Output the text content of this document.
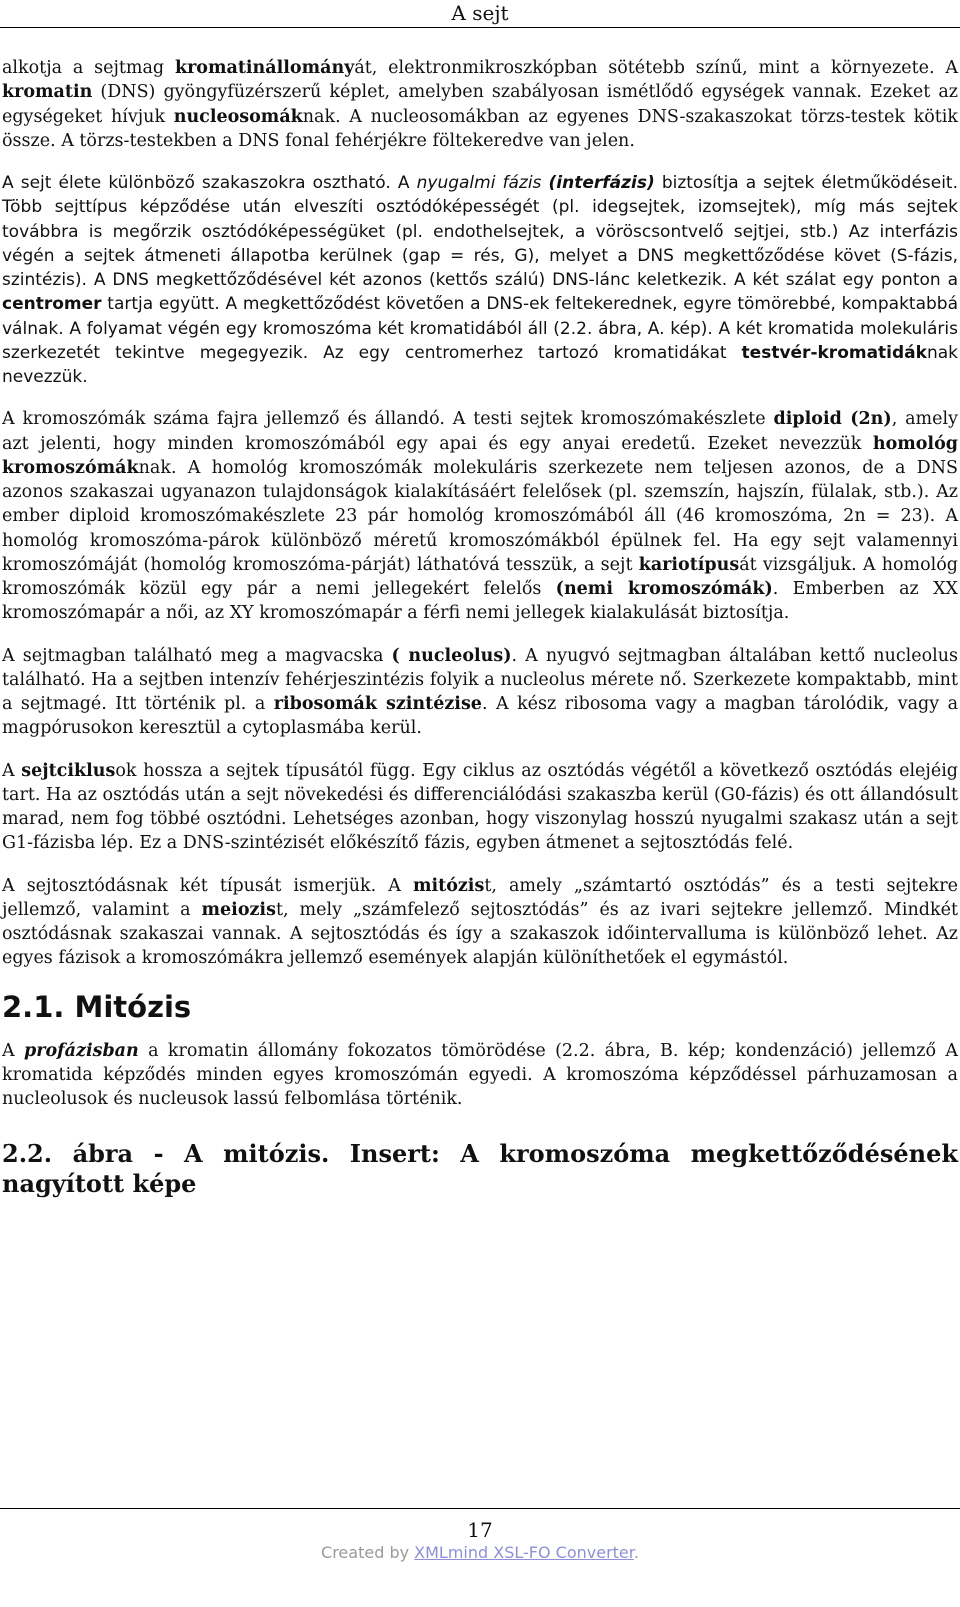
A sejt

alkotja a sejtmag kromatinállományát, elektronmikroszkópban sötétebb színű, mint a környezete. A kromatin (DNS) gyöngyfüzérszerű képlet, amelyben szabályosan ismétlődő egységek vannak. Ezeket az egységeket hívjuk nucleosomáknak. A nucleosomákban az egyenes DNS-szakaszokat törzs-testek kötik össze. A törzs-testekben a DNS fonal fehérjékre föltekeredve van jelen.

A sejt élete különböző szakaszokra osztható. A nyugalmi fázis (interfázis) biztosítja a sejtek életműködéseit. Több sejttípus képződése után elveszíti osztódóképességét (pl. idegsejtek, izomsejtek), míg más sejtek továbbra is megőrzik osztódóképességüket (pl. endothelsejtek, a vöröscsontvelő sejtjei, stb.) Az interfázis végén a sejtek átmeneti állapotba kerülnek (gap = rés, G), melyet a DNS megkettőződése követ (S-fázis, szintézis). A DNS megkettőződésével két azonos (kettős szálú) DNS-lánc keletkezik. A két szálat egy ponton a centromer tartja együtt. A megkettőződést követően a DNS-ek feltekerednek, egyre tömörebbé, kompaktabbá válnak. A folyamat végén egy kromoszóma két kromatidából áll (2.2. ábra, A. kép). A két kromatida molekuláris szerkezetét tekintve megegyezik. Az egy centromerhez tartozó kromatidákat testvér-kromatidáknak nevezzük.

A kromoszómák száma fajra jellemző és állandó. A testi sejtek kromoszómakészlete diploid (2n), amely azt jelenti, hogy minden kromoszómából egy apai és egy anyai eredetű. Ezeket nevezzük homológ kromoszómáknak. A homológ kromoszómák molekuláris szerkezete nem teljesen azonos, de a DNS azonos szakaszai ugyanazon tulajdonságok kialakításáért felelősek (pl. szemszín, hajszín, fülalak, stb.). Az ember diploid kromoszómakészlete 23 pár homológ kromoszómából áll (46 kromoszóma, 2n = 23). A homológ kromoszóma-párok különböző méretű kromoszómákból épülnek fel. Ha egy sejt valamennyi kromoszómáját (homológ kromoszóma-párját) láthatóvá tesszük, a sejt kariotípusát vizsgáljuk. A homológ kromoszómák közül egy pár a nemi jellegekért felelős (nemi kromoszómák). Emberben az XX kromoszómapár a női, az XY kromoszómapár a férfi nemi jellegek kialakulását biztosítja.

A sejtmagban található meg a magvacska ( nucleolus). A nyugvó sejtmagban általában kettő nucleolus található. Ha a sejtben intenzív fehérjeszintézis folyik a nucleolus mérete nő. Szerkezete kompaktabb, mint a sejtmagé. Itt történik pl. a ribosomák szintézise. A kész ribosoma vagy a magban tárolódik, vagy a magpórusokon keresztül a cytoplasmába kerül.

A sejtciklusok hossza a sejtek típusától függ. Egy ciklus az osztódás végétől a következő osztódás elejéig tart. Ha az osztódás után a sejt növekedési és differenciálódási szakaszba kerül (G0-fázis) és ott állandósult marad, nem fog többé osztódni. Lehetséges azonban, hogy viszonylag hosszú nyugalmi szakasz után a sejt G1-fázisba lép. Ez a DNS-szintézisét előkészítő fázis, egyben átmenet a sejtosztódás felé.

A sejtosztódásnak két típusát ismerjük. A mitózist, amely „számtartó osztódás” és a testi sejtekre jellemző, valamint a meiozist, mely „számfelező sejtosztódás” és az ivari sejtekre jellemző. Mindkét osztódásnak szakaszai vannak. A sejtosztódás és így a szakaszok időintervalluma is különböző lehet. Az egyes fázisok a kromoszómákra jellemző események alapján különíthetőek el egymástól.

2.1. Mitózis

A profázisban a kromatin állomány fokozatos tömörödése (2.2. ábra, B. kép; kondenzáció) jellemző A kromatida képződés minden egyes kromoszómán egyedi. A kromoszóma képződéssel párhuzamosan a nucleolusok és nucleusok lassú felbomlása történik.

2.2. ábra - A mitózis. Insert: A kromoszóma megkettőződésének nagyított képe
17
Created by XMLmind XSL-FO Converter.
